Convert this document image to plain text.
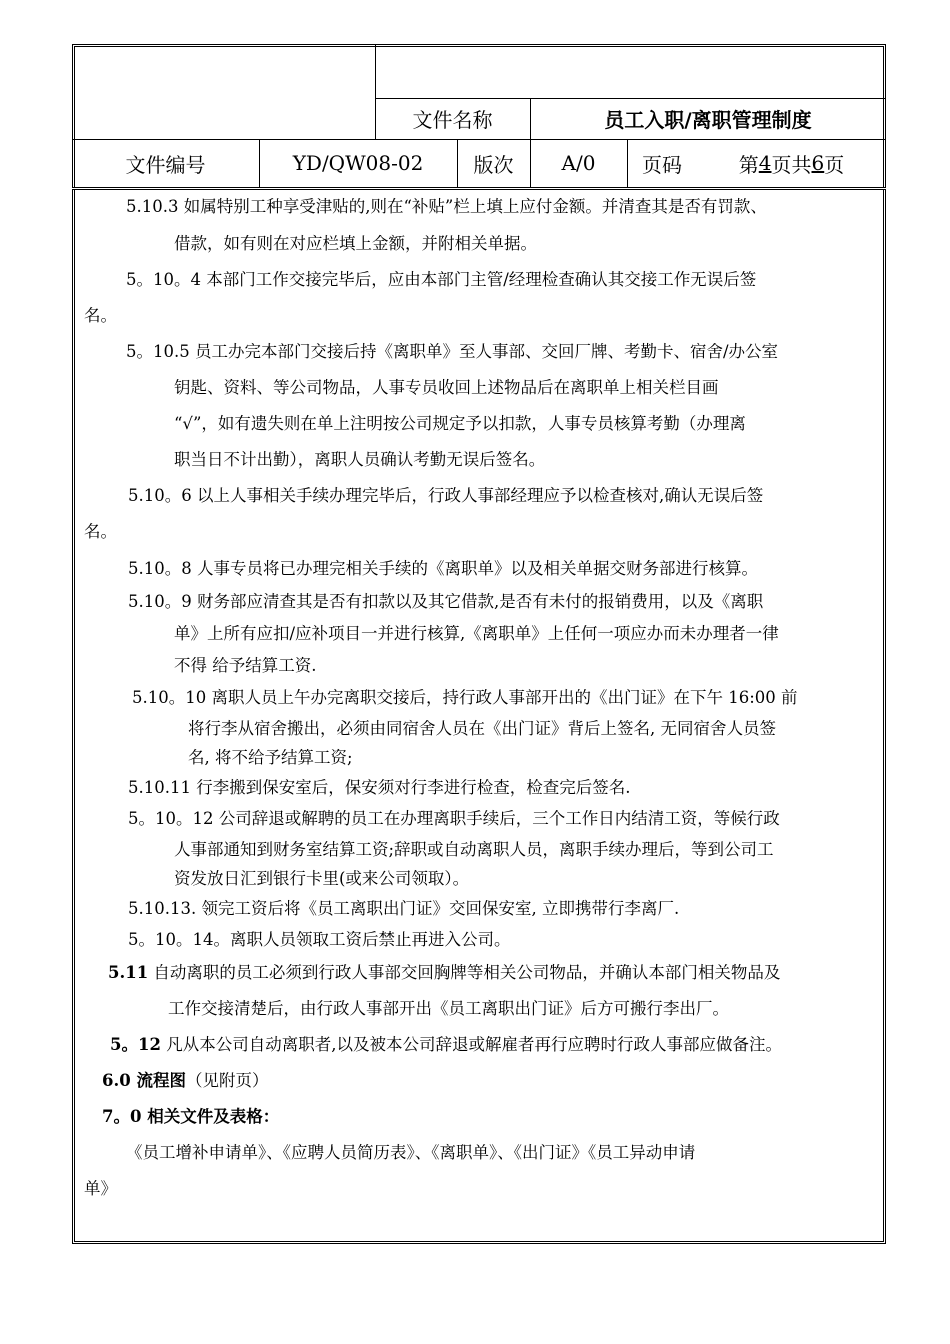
文件名称	员工入职/离职管理制度
文件编号	YD/QW08-02	版次	A/0	页码	第 4 页共 6 页
5.10.3 如属特别工种享受津贴的,则在“补贴”栏上填上应付金额。并清查其是否有罚款、
借款，如有则在对应栏填上金额，并附相关单据。
5。10。4 本部门工作交接完毕后，应由本部门主管/经理检查确认其交接工作无误后签
名。
5。10.5 员工办完本部门交接后持《离职单》至人事部、交回厂牌、考勤卡、宿舍/办公室
钥匙、资料、等公司物品，人事专员收回上述物品后在离职单上相关栏目画
“√”，如有遗失则在单上注明按公司规定予以扣款，人事专员核算考勤（办理离
职当日不计出勤），离职人员确认考勤无误后签名。
5.10。6 以上人事相关手续办理完毕后，行政人事部经理应予以检查核对,确认无误后签
名。
5.10。8 人事专员将已办理完相关手续的《离职单》以及相关单据交财务部进行核算。
5.10。9 财务部应清查其是否有扣款以及其它借款,是否有未付的报销费用，以及《离职
单》上所有应扣/应补项目一并进行核算,《离职单》上任何一项应办而未办理者一律
不得 给予结算工资.
5.10。10 离职人员上午办完离职交接后，持行政人事部开出的《出门证》在下午 16:00 前
将行李从宿舍搬出，必须由同宿舍人员在《出门证》背后上签名, 无同宿舍人员签
名, 将不给予结算工资;
5.10.11 行李搬到保安室后，保安须对行李进行检查，检查完后签名.
5。10。12 公司辞退或解聘的员工在办理离职手续后，三个工作日内结清工资，等候行政
人事部通知到财务室结算工资;辞职或自动离职人员，离职手续办理后，等到公司工
资发放日汇到银行卡里(或来公司领取）。
5.10.13. 领完工资后将《员工离职出门证》交回保安室, 立即携带行李离厂.
5。10。14。离职人员领取工资后禁止再进入公司。
5.11 自动离职的员工必须到行政人事部交回胸牌等相关公司物品，并确认本部门相关物品及
工作交接清楚后，由行政人事部开出《员工离职出门证》后方可搬行李出厂。
5。12 凡从本公司自动离职者,以及被本公司辞退或解雇者再行应聘时行政人事部应做备注。
6.0 流程图（见附页）
7。0 相关文件及表格：
《员工增补申请单》、《应聘人员简历表》、《离职单》、《出门证》《员工异动申请
单》
